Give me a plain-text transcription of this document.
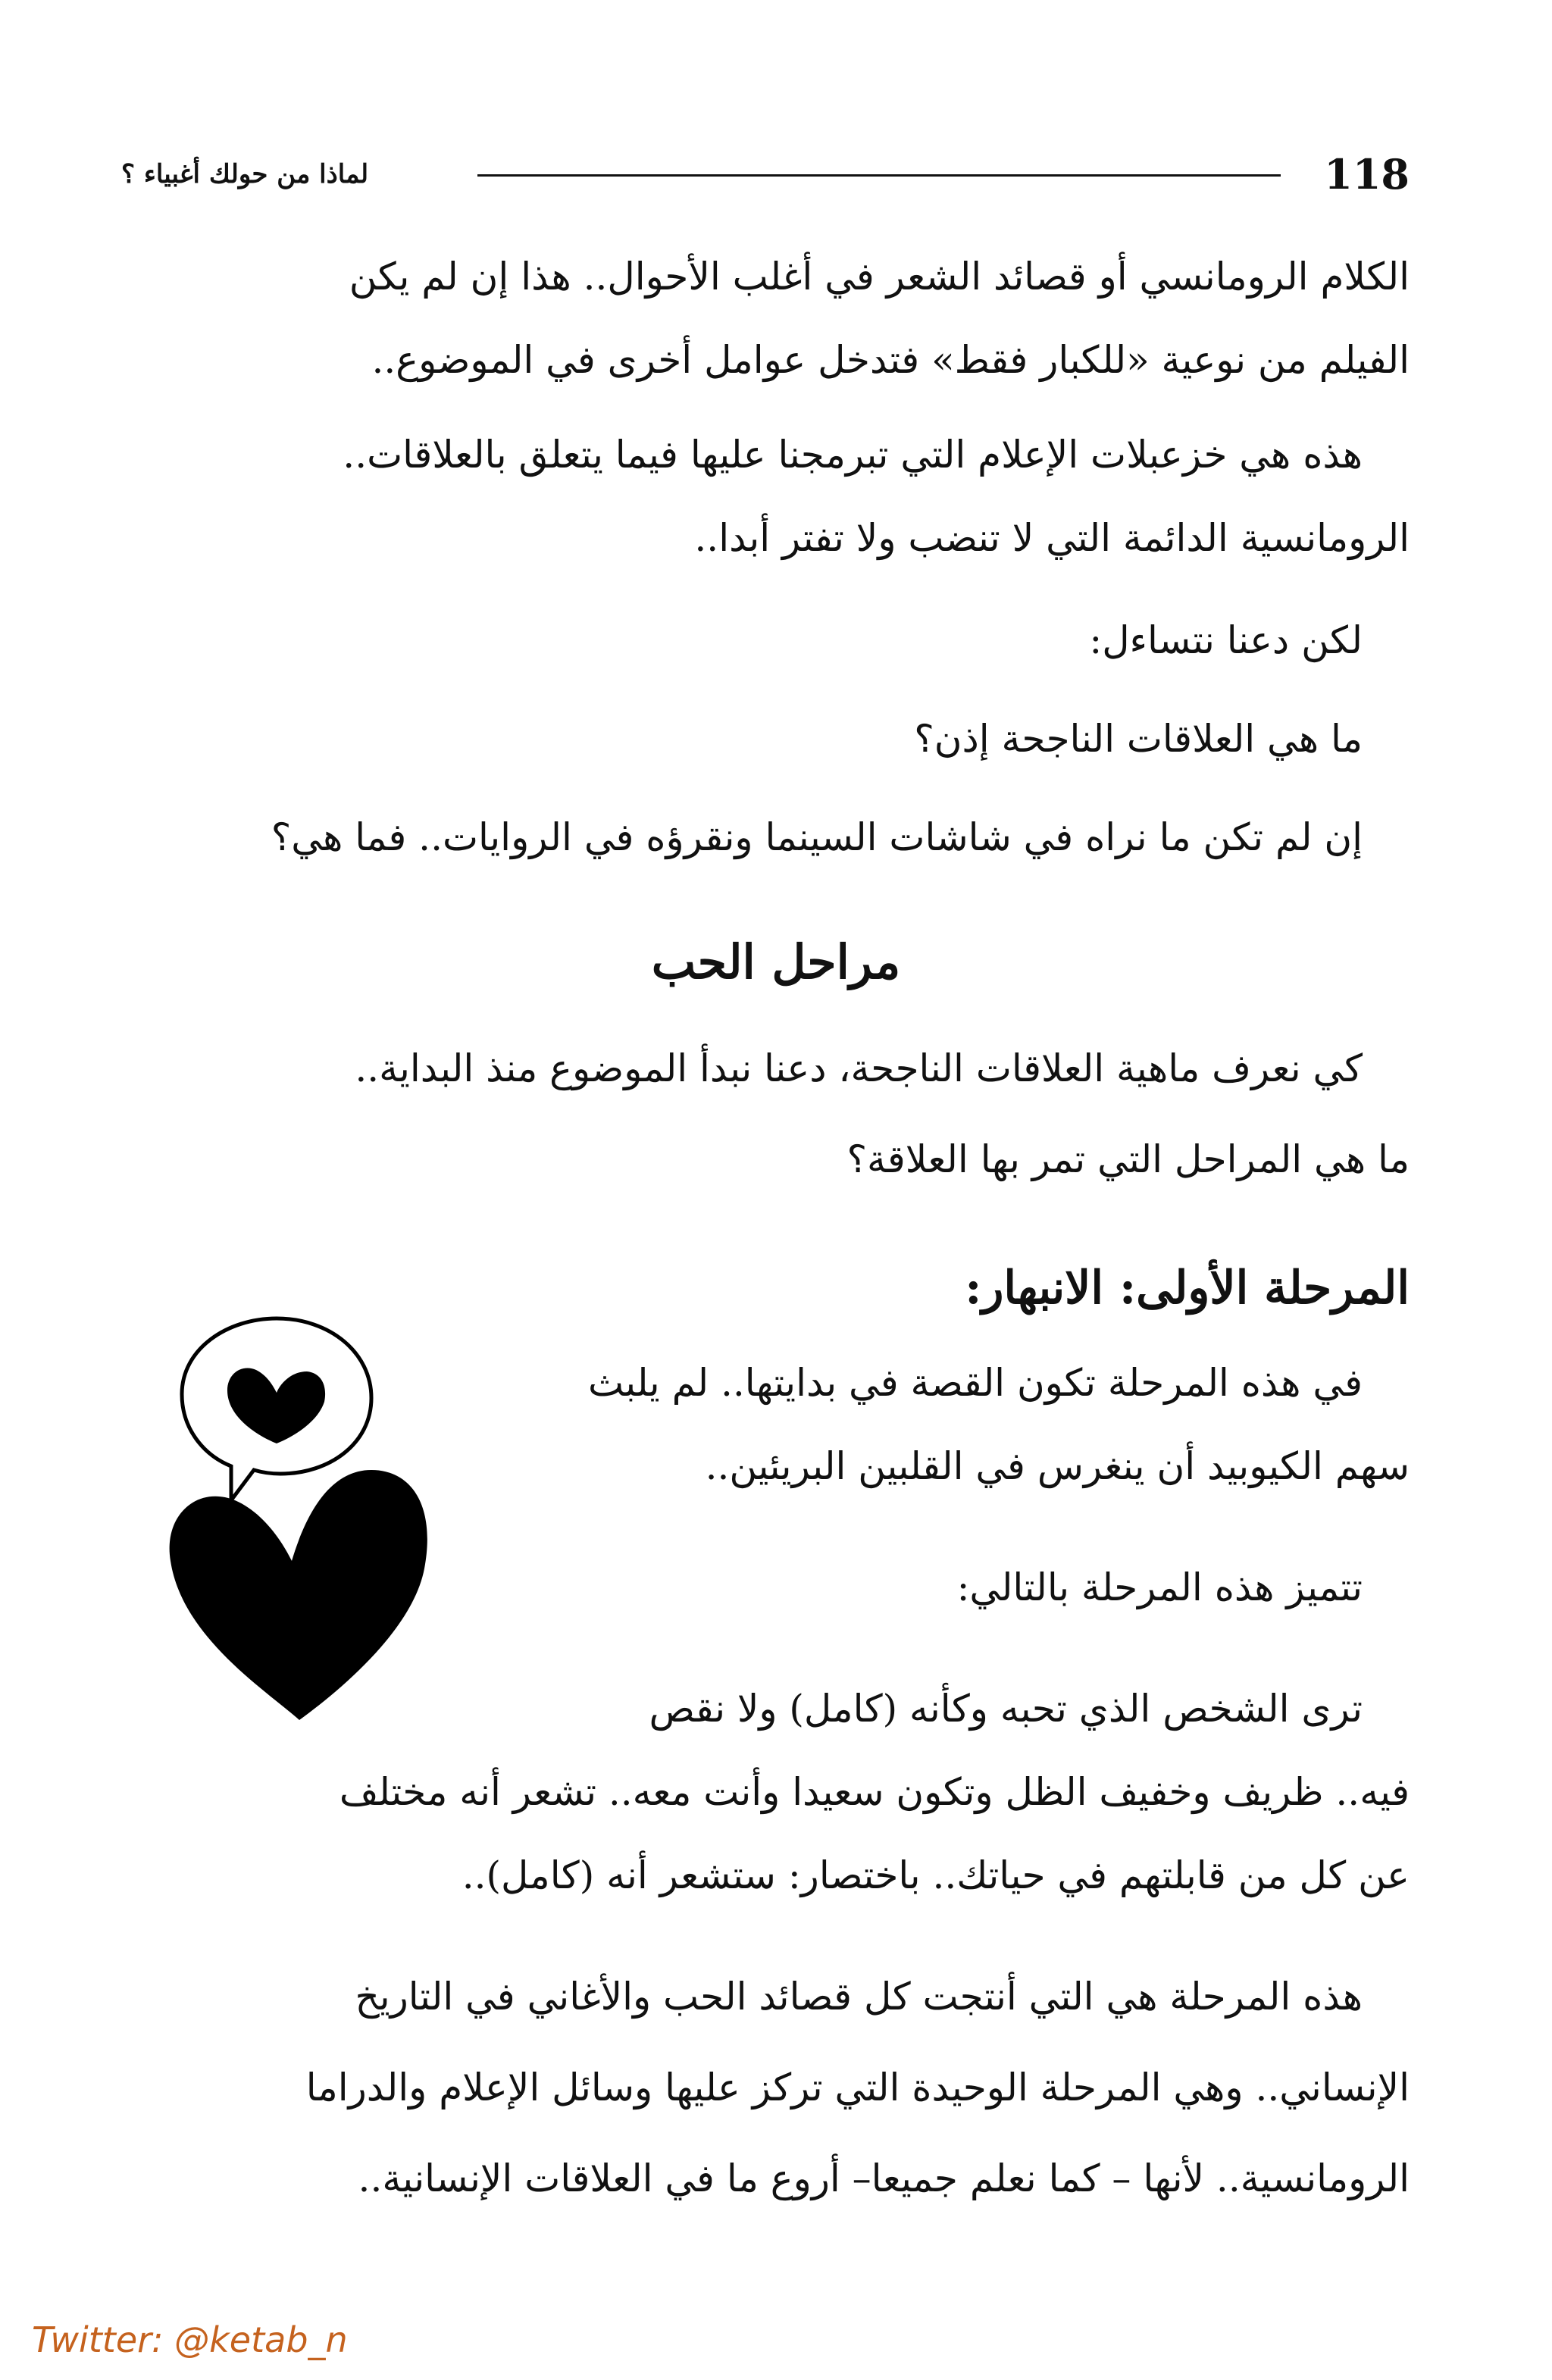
لماذا من حولك أغبياء ؟	118
الكلام الرومانسي أو قصائد الشعر في أغلب الأحوال.. هذا إن لم يكن
الفيلم من نوعية «للكبار فقط» فتدخل عوامل أخرى في الموضوع..
هذه هي خزعبلات الإعلام التي تبرمجنا عليها فيما يتعلق بالعلاقات..
الرومانسية الدائمة التي لا تنضب ولا تفتر أبدا..
لكن دعنا نتساءل:
ما هي العلاقات الناجحة إذن؟
إن لم تكن ما نراه في شاشات السينما ونقرؤه في الروايات.. فما هي؟
مراحل الحب
كي نعرف ماهية العلاقات الناجحة، دعنا نبدأ الموضوع منذ البداية..
ما هي المراحل التي تمر بها العلاقة؟
المرحلة الأولى: الانبهار:
في هذه المرحلة تكون القصة في بدايتها.. لم يلبث
سهم الكيوبيد أن ينغرس في القلبين البريئين..
تتميز هذه المرحلة بالتالي:
ترى الشخص الذي تحبه وكأنه (كامل) ولا نقص
فيه.. ظريف وخفيف الظل وتكون سعيدا وأنت معه.. تشعر أنه مختلف
عن كل من قابلتهم في حياتك.. باختصار: ستشعر أنه (كامل)..
هذه المرحلة هي التي أنتجت كل قصائد الحب والأغاني في التاريخ
الإنساني.. وهي المرحلة الوحيدة التي تركز عليها وسائل الإعلام والدراما
الرومانسية.. لأنها – كما نعلم جميعا– أروع ما في العلاقات الإنسانية..
Twitter: @ketab_n
